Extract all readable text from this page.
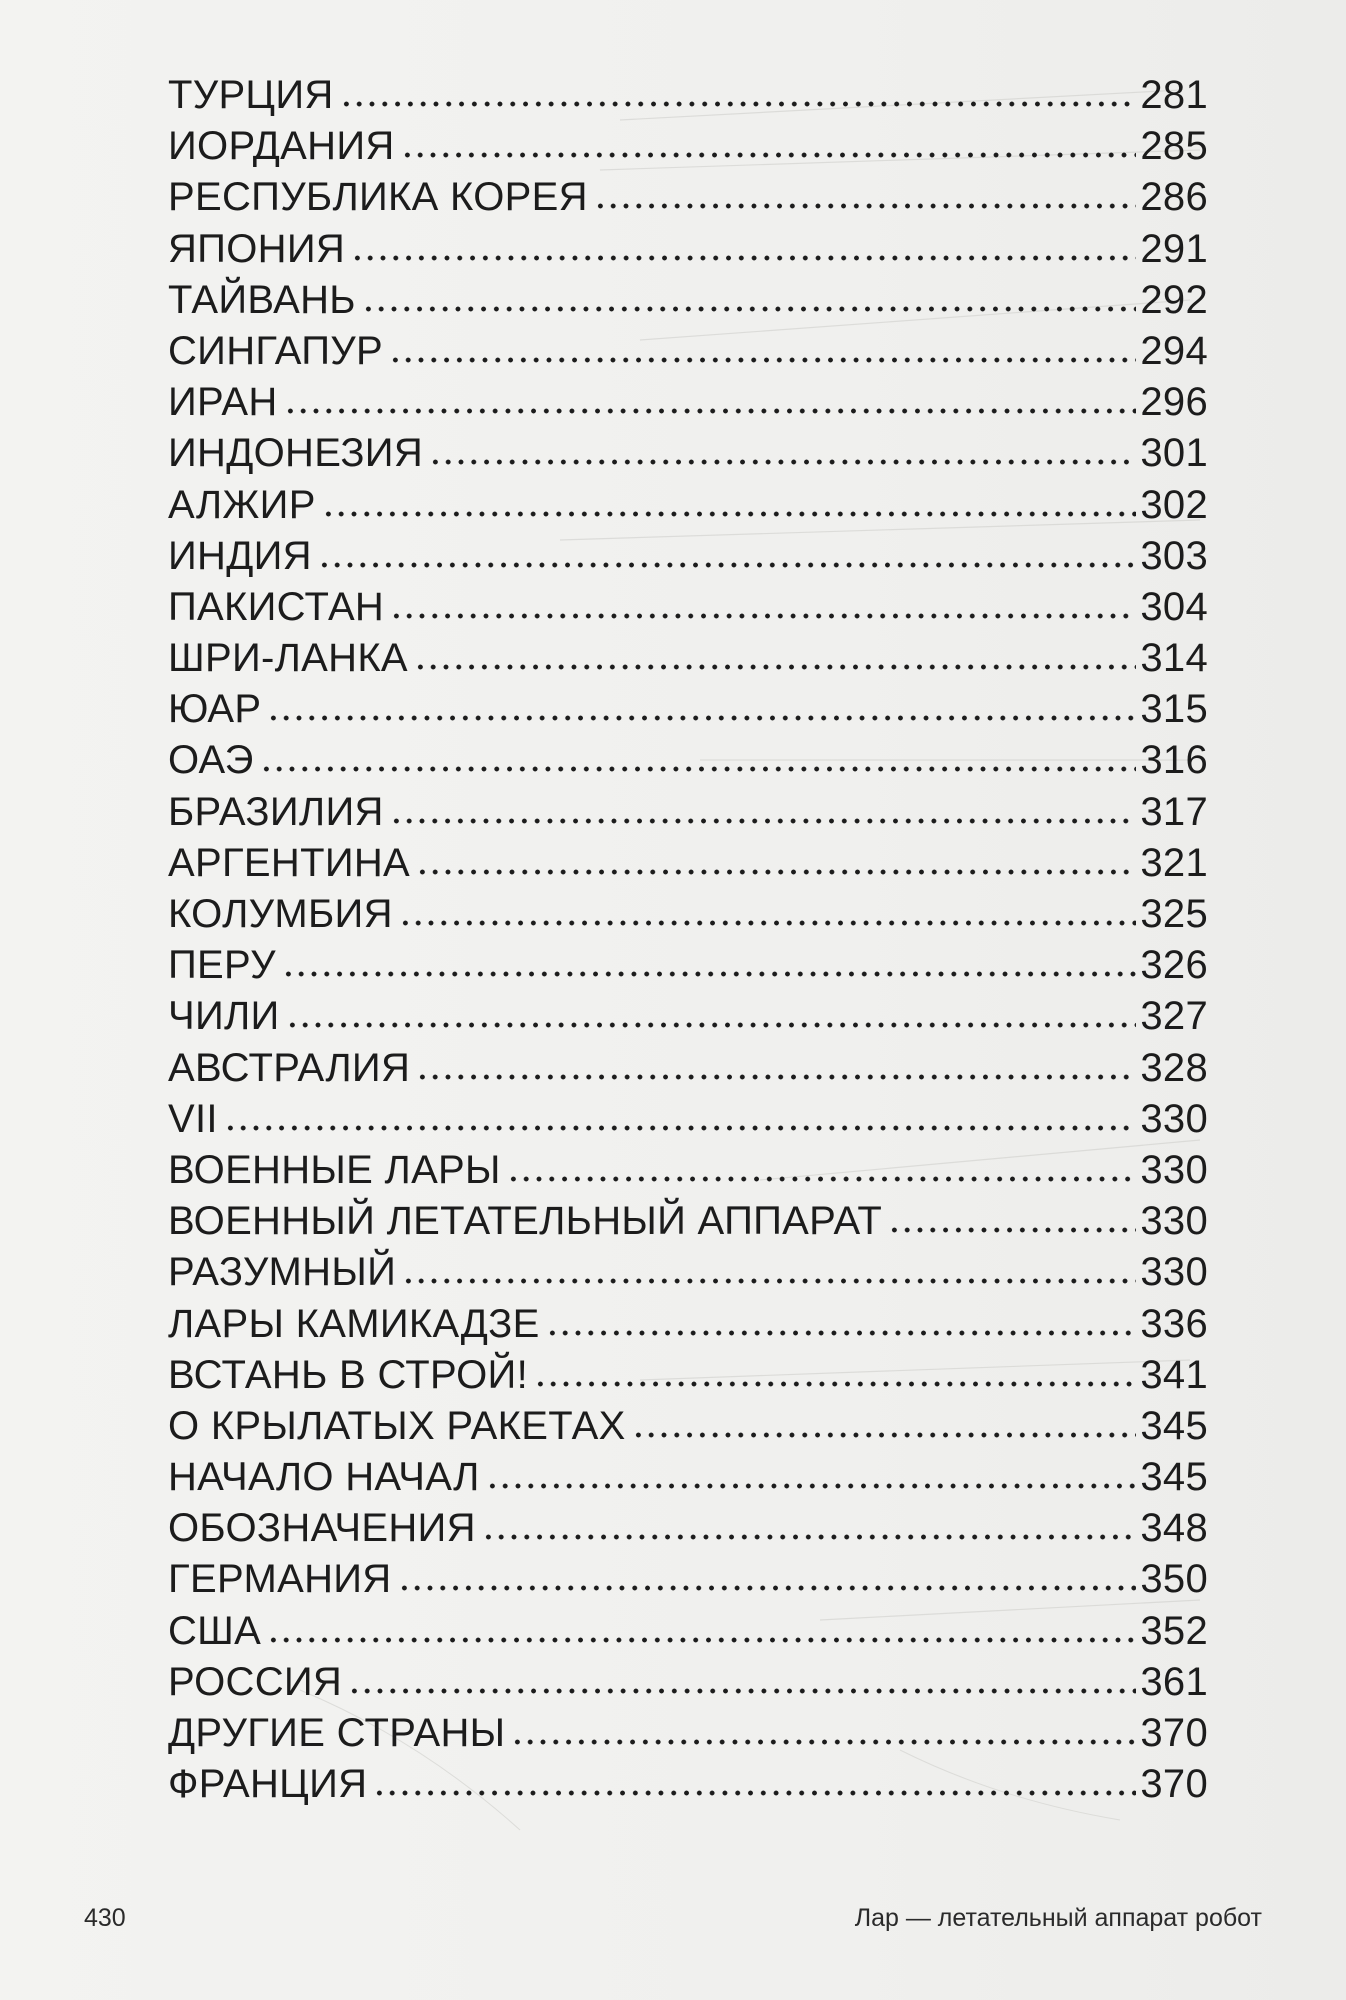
ТУРЦИЯ	281
ИОРДАНИЯ	285
РЕСПУБЛИКА КОРЕЯ	286
ЯПОНИЯ	291
ТАЙВАНЬ	292
СИНГАПУР	294
ИРАН	296
ИНДОНЕЗИЯ	301
АЛЖИР	302
ИНДИЯ	303
ПАКИСТАН	304
ШРИ-ЛАНКА	314
ЮАР	315
ОАЭ	316
БРАЗИЛИЯ	317
АРГЕНТИНА	321
КОЛУМБИЯ	325
ПЕРУ	326
ЧИЛИ	327
АВСТРАЛИЯ	328
VII	330
ВОЕННЫЕ ЛАРЫ	330
ВОЕННЫЙ ЛЕТАТЕЛЬНЫЙ АППАРАТ	330
РАЗУМНЫЙ	330
ЛАРЫ КАМИКАДЗЕ	336
ВСТАНЬ В СТРОЙ!	341
О КРЫЛАТЫХ РАКЕТАХ	345
НАЧАЛО НАЧАЛ	345
ОБОЗНАЧЕНИЯ	348
ГЕРМАНИЯ	350
США	352
РОССИЯ	361
ДРУГИЕ СТРАНЫ	370
ФРАНЦИЯ	370
430	Лар — летательный аппарат робот
